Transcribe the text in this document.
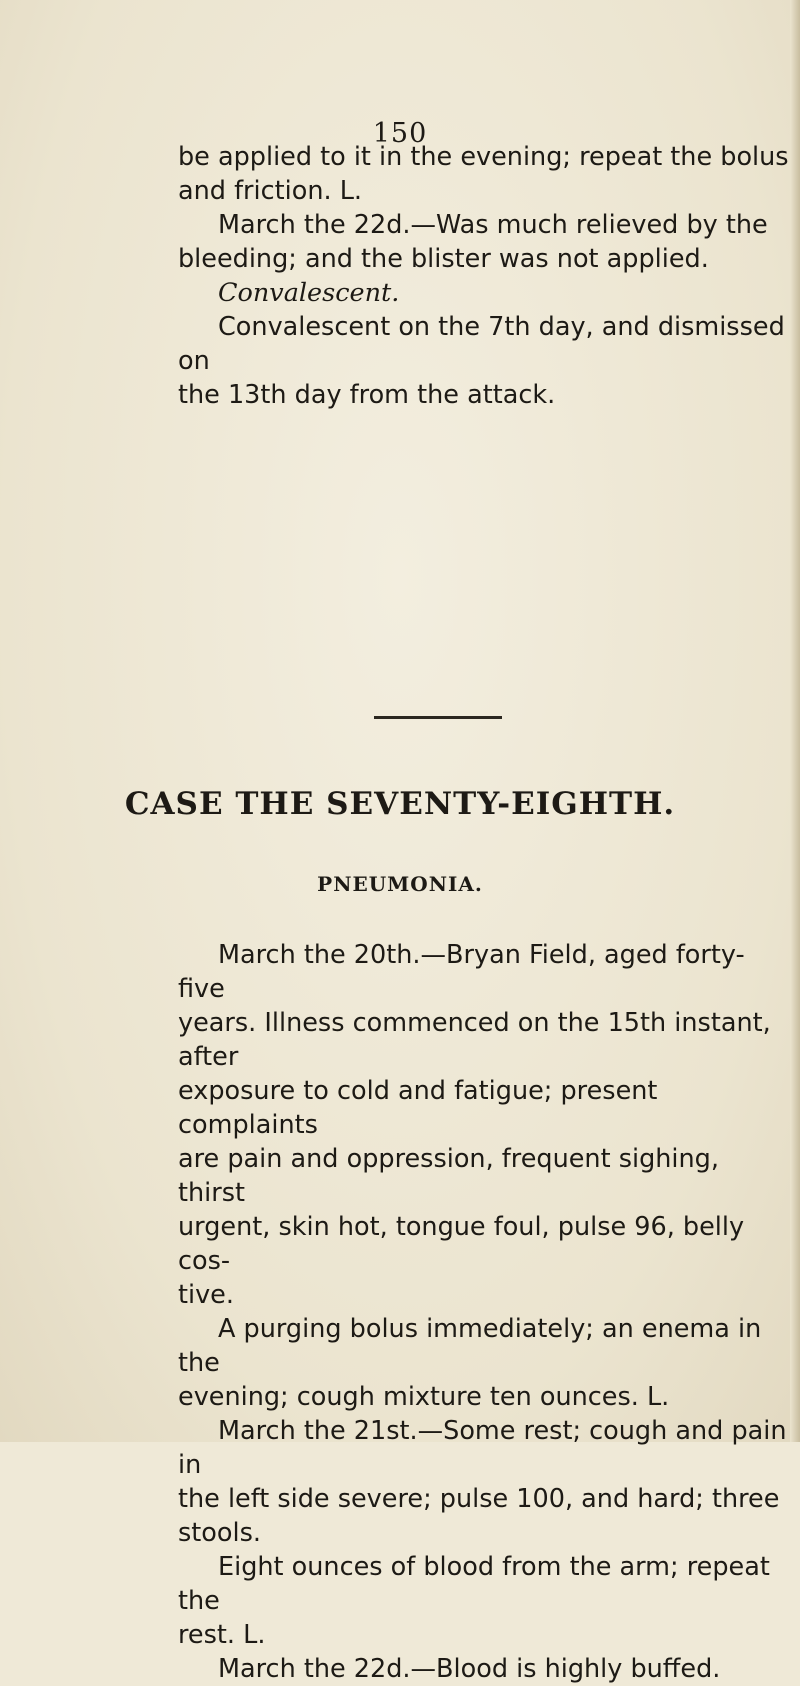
150

be applied to it in the evening; repeat the bolus

and friction. L.

March the 22d.—Was much relieved by the

bleeding; and the blister was not applied.

Convalescent.

Convalescent on the 7th day, and dismissed on

the 13th day from the attack.

CASE THE SEVENTY-EIGHTH.
PNEUMONIA.

March the 20th.—Bryan Field, aged forty-five

years. Illness commenced on the 15th instant, after

exposure to cold and fatigue; present complaints

are pain and oppression, frequent sighing, thirst

urgent, skin hot, tongue foul, pulse 96, belly cos-

tive.

A purging bolus immediately; an enema in the

evening; cough mixture ten ounces. L.

March the 21st.—Some rest; cough and pain in

the left side severe; pulse 100, and hard; three

stools.

Eight ounces of blood from the arm; repeat the

rest. L.

March the 22d.—Blood is highly buffed.
